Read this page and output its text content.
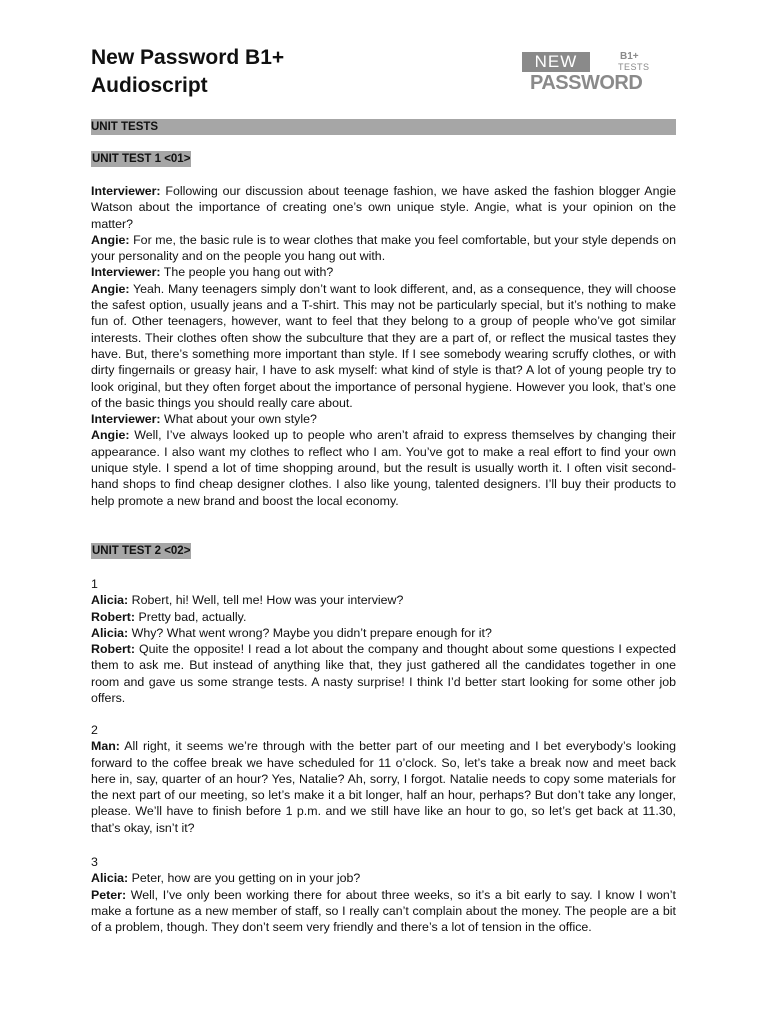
New Password B1+
Audioscript
NEW	B1+
TESTS
PASSWORD
UNIT TESTS
UNIT TEST 1 <01>

Interviewer: Following our discussion about teenage fashion, we have asked the fashion blogger Angie Watson about the importance of creating one’s own unique style. Angie, what is your opinion on the matter?

Angie: For me, the basic rule is to wear clothes that make you feel comfortable, but your style depends on your personality and on the people you hang out with.

Interviewer: The people you hang out with?

Angie: Yeah. Many teenagers simply don’t want to look different, and, as a consequence, they will choose the safest option, usually jeans and a T-shirt. This may not be particularly special, but it’s nothing to make fun of. Other teenagers, however, want to feel that they belong to a group of people who’ve got similar interests. Their clothes often show the subculture that they are a part of, or reflect the musical tastes they have. But, there’s something more important than style. If I see somebody wearing scruffy clothes, or with dirty fingernails or greasy hair, I have to ask myself: what kind of style is that? A lot of young people try to look original, but they often forget about the importance of personal hygiene. However you look, that’s one of the basic things you should really care about.

Interviewer: What about your own style?

Angie: Well, I’ve always looked up to people who aren’t afraid to express themselves by changing their appearance. I also want my clothes to reflect who I am. You’ve got to make a real effort to find your own unique style. I spend a lot of time shopping around, but the result is usually worth it. I often visit second-hand shops to find cheap designer clothes. I also like young, talented designers. I’ll buy their products to help promote a new brand and boost the local economy.

UNIT TEST 2 <02>

1

Alicia: Robert, hi! Well, tell me! How was your interview?

Robert: Pretty bad, actually.

Alicia: Why? What went wrong? Maybe you didn’t prepare enough for it?

Robert: Quite the opposite! I read a lot about the company and thought about some questions I expected them to ask me. But instead of anything like that, they just gathered all the candidates together in one room and gave us some strange tests. A nasty surprise! I think I’d better start looking for some other job offers.

2

Man: All right, it seems we’re through with the better part of our meeting and I bet everybody’s looking forward to the coffee break we have scheduled for 11 o’clock. So, let’s take a break now and meet back here in, say, quarter of an hour? Yes, Natalie? Ah, sorry, I forgot. Natalie needs to copy some materials for the next part of our meeting, so let’s make it a bit longer, half an hour, perhaps? But don’t take any longer, please. We’ll have to finish before 1 p.m. and we still have like an hour to go, so let’s get back at 11.30, that’s okay, isn’t it?

3

Alicia: Peter, how are you getting on in your job?

Peter: Well, I’ve only been working there for about three weeks, so it’s a bit early to say. I know I won’t make a fortune as a new member of staff, so I really can’t complain about the money. The people are a bit of a problem, though. They don’t seem very friendly and there’s a lot of tension in the office.
